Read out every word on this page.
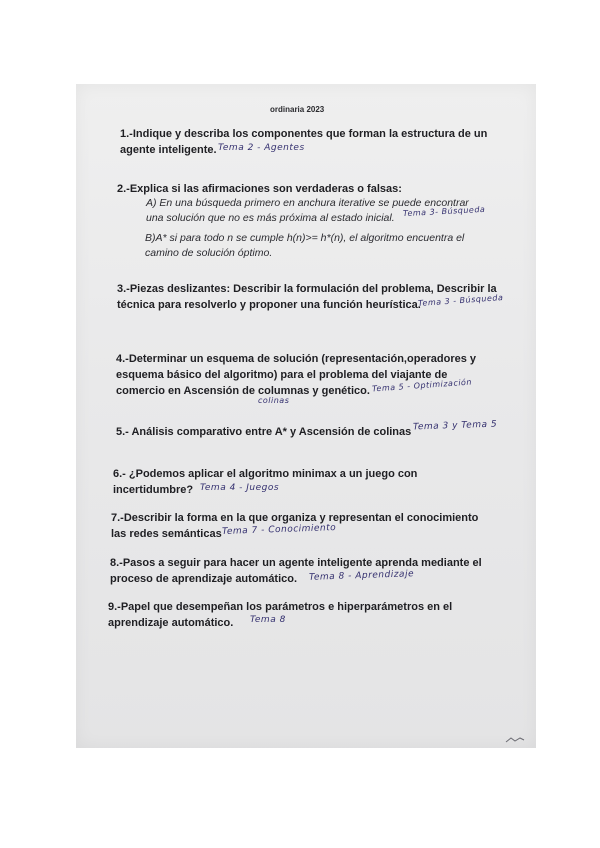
ordinaria 2023
1.-Indique y describa los componentes que forman la estructura de un
agente inteligente. Tema 2 - Agentes
2.-Explica si las afirmaciones son verdaderas o falsas:
A) En una búsqueda primero en anchura iterative se puede encontrar
una solución que no es más próxima al estado inicial. Tema 3- Búsqueda
B)A* si para todo n se cumple h(n)>= h*(n), el algoritmo encuentra el
camino de solución óptimo.
3.-Piezas deslizantes: Describir la formulación del problema, Describir la
técnica para resolverlo y proponer una función heurística.
Tema 3 - Búsqueda
4.-Determinar un esquema de solución (representación,operadores y
esquema básico del algoritmo) para el problema del viajante de
comercio en Ascensión de columnas y genético. Tema 5 - Optimización
colinas
5.- Análisis comparativo entre A* y Ascensión de colinas Tema 3 y Tema 5
6.- ¿Podemos aplicar el algoritmo minimax a un juego con
incertidumbre? Tema 4 - Juegos
7.-Describir la forma en la que organiza y representan el conocimiento
las redes semánticas Tema 7 - Conocimiento
8.-Pasos a seguir para hacer un agente inteligente aprenda mediante el
proceso de aprendizaje automático. Tema 8 - Aprendizaje
9.-Papel que desempeñan los parámetros e hiperparámetros en el
aprendizaje automático. Tema 8
